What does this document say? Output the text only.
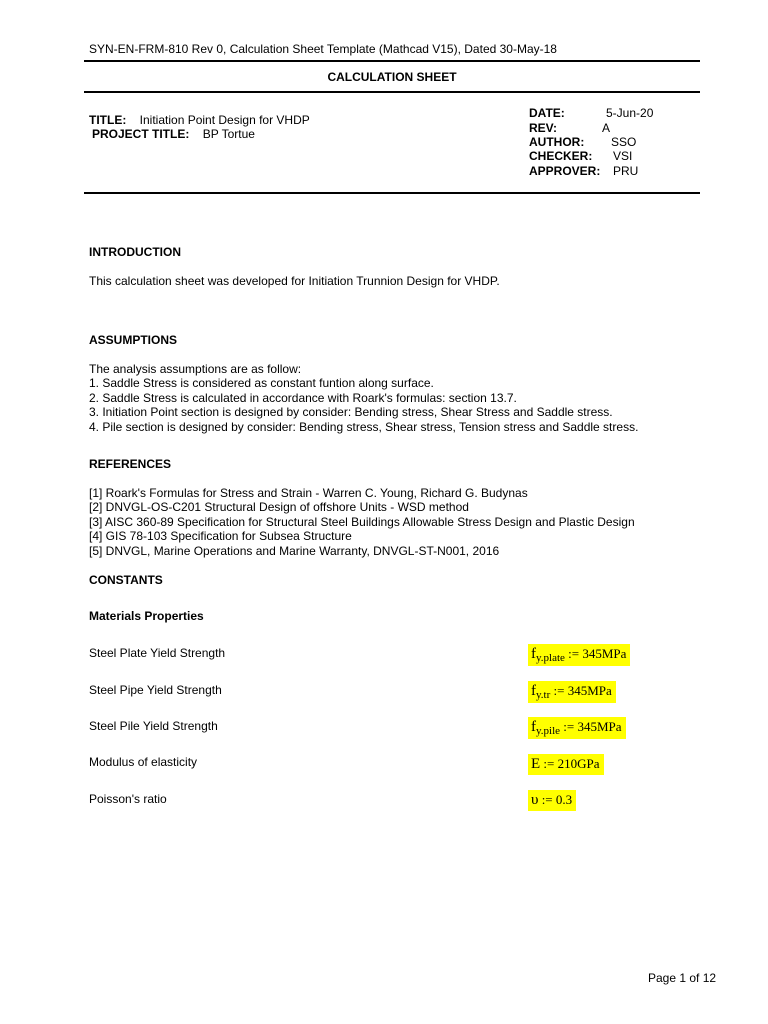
SYN-EN-FRM-810 Rev 0, Calculation Sheet Template (Mathcad V15), Dated 30-May-18
CALCULATION SHEET
TITLE: Initiation Point Design for VHDP
PROJECT TITLE: BP Tortue
DATE:	5-Jun-20
REV:	A
AUTHOR: SSO
CHECKER: VSI
APPROVER: PRU
INTRODUCTION
This calculation sheet was developed for Initiation Trunnion Design for VHDP.
ASSUMPTIONS
The analysis assumptions are as follow:
1. Saddle Stress is considered as constant funtion along surface.
2. Saddle Stress is calculated in accordance with Roark's formulas: section 13.7.
3. Initiation Point section is designed by consider: Bending stress, Shear Stress and Saddle stress.
4. Pile section is designed by consider: Bending stress, Shear stress, Tension stress and Saddle stress.
REFERENCES
[1] Roark's Formulas for Stress and Strain - Warren C. Young, Richard G. Budynas
[2] DNVGL-OS-C201 Structural Design of offshore Units - WSD method
[3] AISC 360-89 Specification for Structural Steel Buildings Allowable Stress Design and Plastic Design
[4] GIS 78-103 Specification for Subsea Structure
[5] DNVGL, Marine Operations and Marine Warranty, DNVGL-ST-N001, 2016
CONSTANTS
Materials Properties
Steel Plate Yield Strength	$f_{y.plate}$ := 345MPa
Steel Pipe Yield Strength	$f_{y.tr}$ := 345MPa
Steel Pile Yield Strength	$f_{y.pile}$ := 345MPa
Modulus of elasticity	E := 210GPa
Poisson's ratio	υ := 0.3
Page 1 of 12
